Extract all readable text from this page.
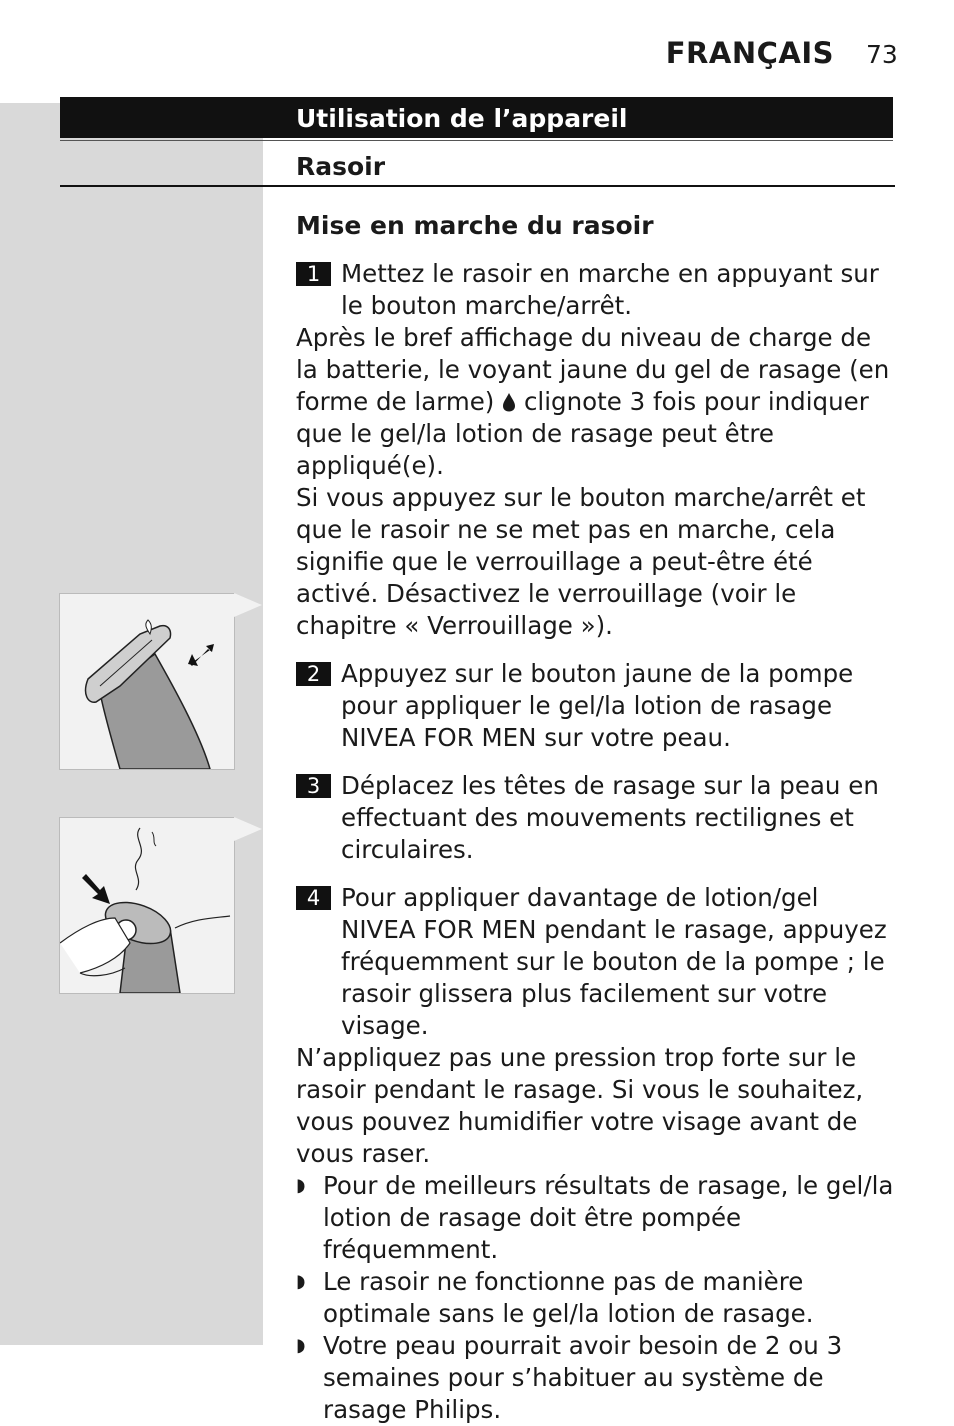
FRANÇAIS 73
Utilisation de l’appareil
Rasoir
Mise en marche du rasoir
1 Mettez le rasoir en marche en appuyant sur le bouton marche/arrêt.

Après le bref affichage du niveau de charge de la batterie, le voyant jaune du gel de rasage (en forme de larme) clignote 3 fois pour indiquer que le gel/la lotion de rasage peut être appliqué(e).

Si vous appuyez sur le bouton marche/arrêt et que le rasoir ne se met pas en marche, cela signifie que le verrouillage a peut-être été activé. Désactivez le verrouillage (voir le chapitre « Verrouillage »).

2 Appuyez sur le bouton jaune de la pompe pour appliquer le gel/la lotion de rasage NIVEA FOR MEN sur votre peau.
3 Déplacez les têtes de rasage sur la peau en effectuant des mouvements rectilignes et circulaires.
4 Pour appliquer davantage de lotion/gel NIVEA FOR MEN pendant le rasage, appuyez fréquemment sur le bouton de la pompe ; le rasoir glissera plus facilement sur votre visage.

N’appliquez pas une pression trop forte sur le rasoir pendant le rasage. Si vous le souhaitez, vous pouvez humidifier votre visage avant de vous raser.

◗ Pour de meilleurs résultats de rasage, le gel/la lotion de rasage doit être pompée fréquemment.
◗ Le rasoir ne fonctionne pas de manière optimale sans le gel/la lotion de rasage.
◗ Votre peau pourrait avoir besoin de 2 ou 3 semaines pour s’habituer au système de rasage Philips.
